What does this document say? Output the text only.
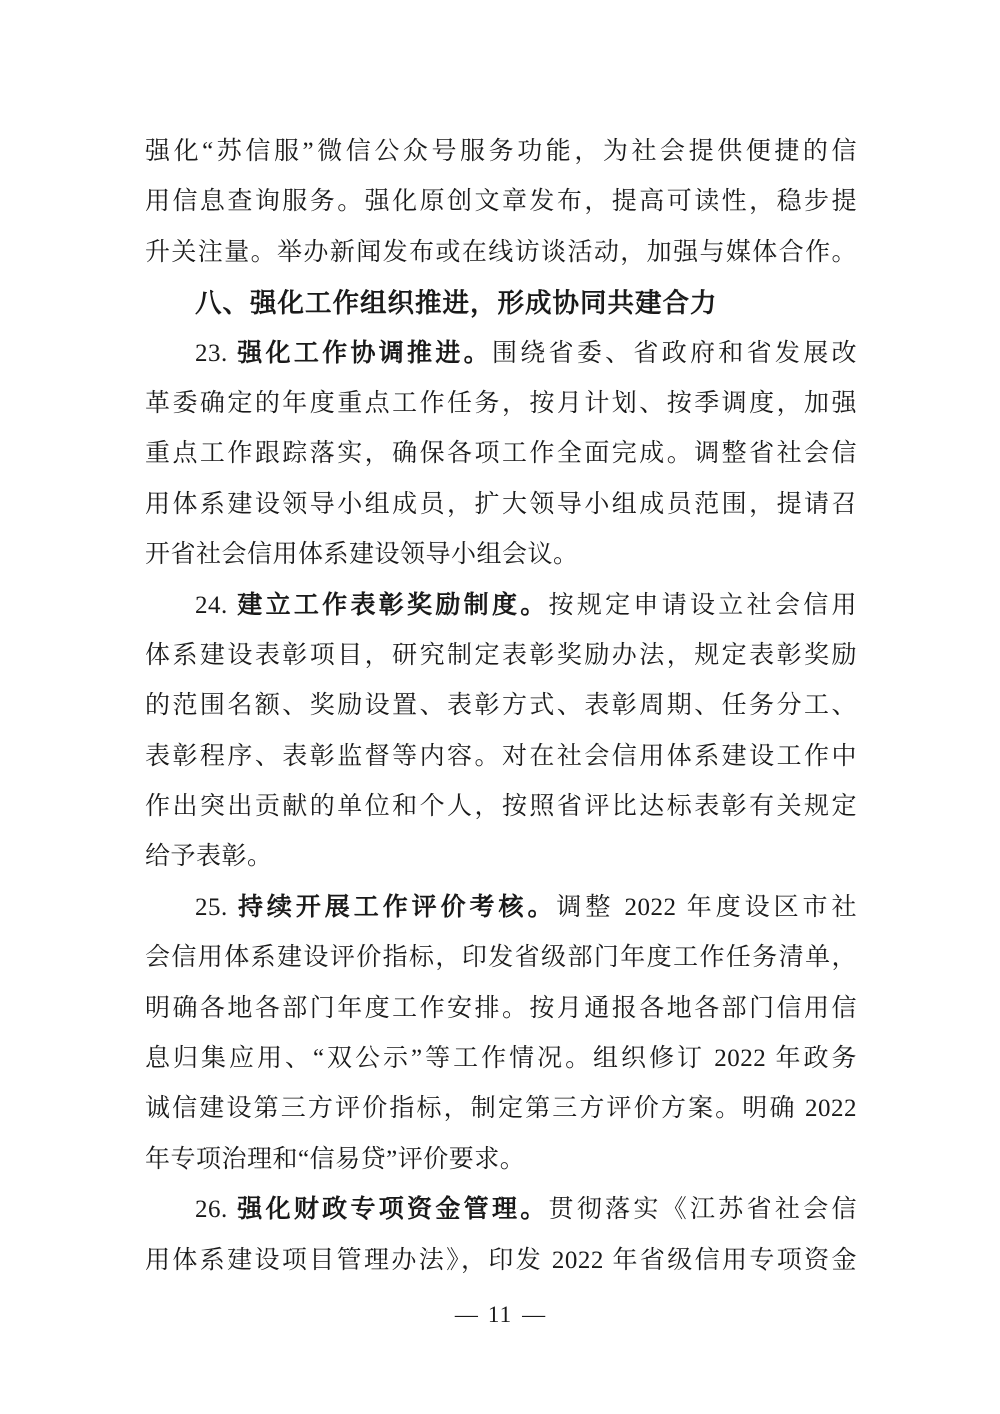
强化“苏信服”微信公众号服务功能，为社会提供便捷的信
用信息查询服务。强化原创文章发布，提高可读性，稳步提
升关注量。举办新闻发布或在线访谈活动，加强与媒体合作。
八、强化工作组织推进，形成协同共建合力
23. 强化工作协调推进。围绕省委、省政府和省发展改
革委确定的年度重点工作任务，按月计划、按季调度，加强
重点工作跟踪落实，确保各项工作全面完成。调整省社会信
用体系建设领导小组成员，扩大领导小组成员范围，提请召
开省社会信用体系建设领导小组会议。
24. 建立工作表彰奖励制度。按规定申请设立社会信用
体系建设表彰项目，研究制定表彰奖励办法，规定表彰奖励
的范围名额、奖励设置、表彰方式、表彰周期、任务分工、
表彰程序、表彰监督等内容。对在社会信用体系建设工作中
作出突出贡献的单位和个人，按照省评比达标表彰有关规定
给予表彰。
25. 持续开展工作评价考核。调整 2022 年度设区市社
会信用体系建设评价指标，印发省级部门年度工作任务清单，
明确各地各部门年度工作安排。按月通报各地各部门信用信
息归集应用、“双公示”等工作情况。组织修订 2022 年政务
诚信建设第三方评价指标，制定第三方评价方案。明确 2022
年专项治理和“信易贷”评价要求。
26. 强化财政专项资金管理。贯彻落实《江苏省社会信
用体系建设项目管理办法》，印发 2022 年省级信用专项资金
— 11 —
